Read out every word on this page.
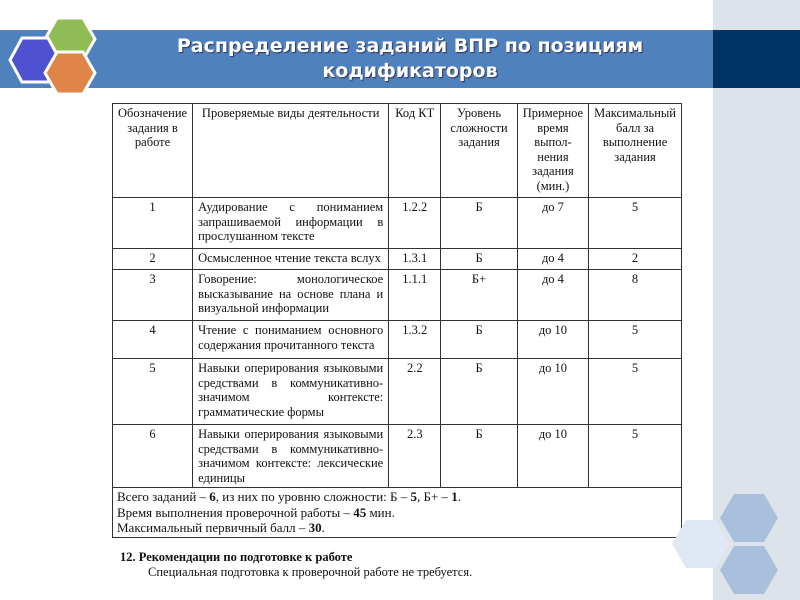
Распределение заданий ВПР по позициям кодификаторов
Обозначение задания в работе	Проверяемые виды деятельности	Код КТ	Уровень сложности задания	Примерное время выпол-нения задания (мин.)	Максимальный балл за выполнение задания
1	Аудирование с пониманием запрашиваемой информации в прослушанном тексте	1.2.2	Б	до 7	5
2	Осмысленное чтение текста вслух	1.3.1	Б	до 4	2
3	Говорение: монологическое высказывание на основе плана и визуальной информации	1.1.1	Б+	до 4	8
4	Чтение с пониманием основного содержания прочитанного текста	1.3.2	Б	до 10	5
5	Навыки оперирования языковыми средствами в коммуникативно-значимом контексте: грамматические формы	2.2	Б	до 10	5
6	Навыки оперирования языковыми средствами в коммуникативно-значимом контексте: лексические единицы	2.3	Б	до 10	5

Всего заданий – 6, из них по уровню сложности: Б – 5, Б+ – 1.
Время выполнения проверочной работы – 45 мин.
Максимальный первичный балл – 30.					
12. Рекомендации по подготовке к работе
Специальная подготовка к проверочной работе не требуется.
